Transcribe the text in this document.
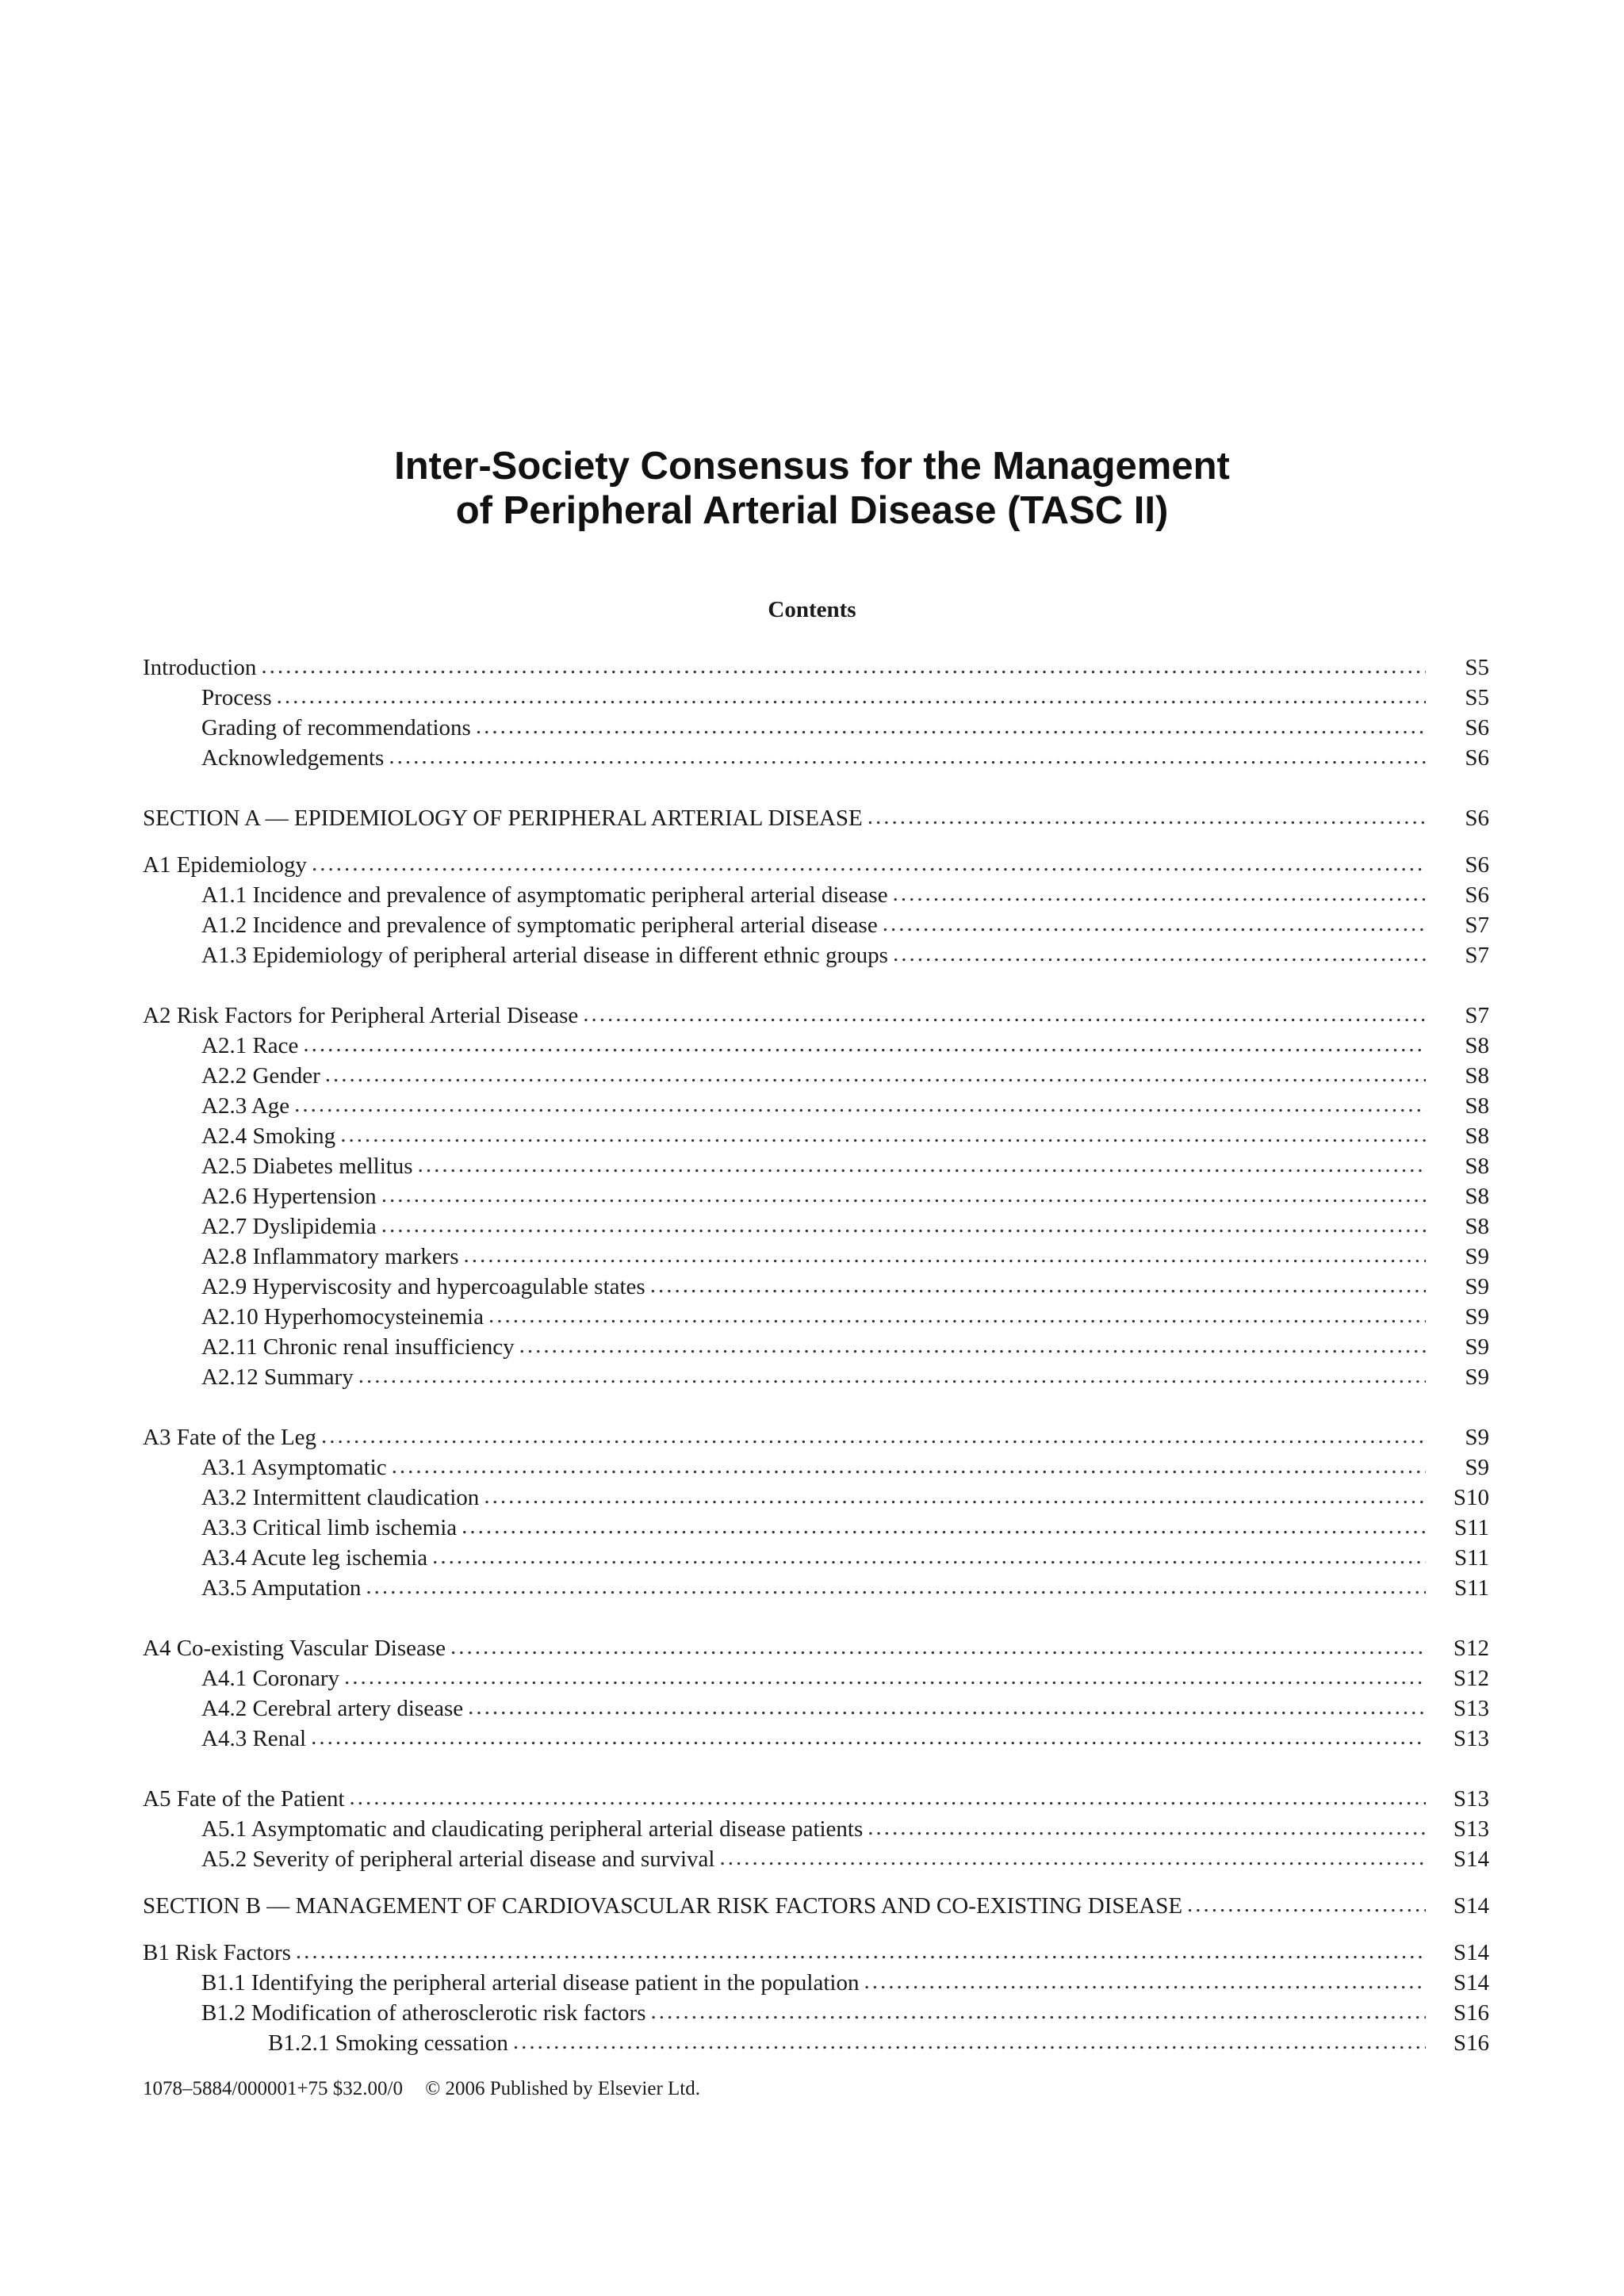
Inter-Society Consensus for the Management
of Peripheral Arterial Disease (TASC II)
Contents
Introduction .....	S5
Process .....	S5
Grading of recommendations .....	S6
Acknowledgements .....	S6
SECTION A — EPIDEMIOLOGY OF PERIPHERAL ARTERIAL DISEASE .....	S6
A1 Epidemiology .....	S6
A1.1 Incidence and prevalence of asymptomatic peripheral arterial disease .....	S6
A1.2 Incidence and prevalence of symptomatic peripheral arterial disease .....	S7
A1.3 Epidemiology of peripheral arterial disease in different ethnic groups .....	S7
A2 Risk Factors for Peripheral Arterial Disease .....	S7
A2.1 Race .....	S8
A2.2 Gender .....	S8
A2.3 Age .....	S8
A2.4 Smoking .....	S8
A2.5 Diabetes mellitus .....	S8
A2.6 Hypertension .....	S8
A2.7 Dyslipidemia .....	S8
A2.8 Inflammatory markers .....	S9
A2.9 Hyperviscosity and hypercoagulable states .....	S9
A2.10 Hyperhomocysteinemia .....	S9
A2.11 Chronic renal insufficiency .....	S9
A2.12 Summary .....	S9
A3 Fate of the Leg .....	S9
A3.1 Asymptomatic .....	S9
A3.2 Intermittent claudication .....	S10
A3.3 Critical limb ischemia .....	S11
A3.4 Acute leg ischemia .....	S11
A3.5 Amputation .....	S11
A4 Co-existing Vascular Disease .....	S12
A4.1 Coronary .....	S12
A4.2 Cerebral artery disease .....	S13
A4.3 Renal .....	S13
A5 Fate of the Patient .....	S13
A5.1 Asymptomatic and claudicating peripheral arterial disease patients .....	S13
A5.2 Severity of peripheral arterial disease and survival .....	S14
SECTION B — MANAGEMENT OF CARDIOVASCULAR RISK FACTORS AND CO-EXISTING DISEASE .....	S14
B1 Risk Factors .....	S14
B1.1 Identifying the peripheral arterial disease patient in the population .....	S14
B1.2 Modification of atherosclerotic risk factors .....	S16
B1.2.1 Smoking cessation .....	S16
1078–5884/000001+75 $32.00/0 © 2006 Published by Elsevier Ltd.
